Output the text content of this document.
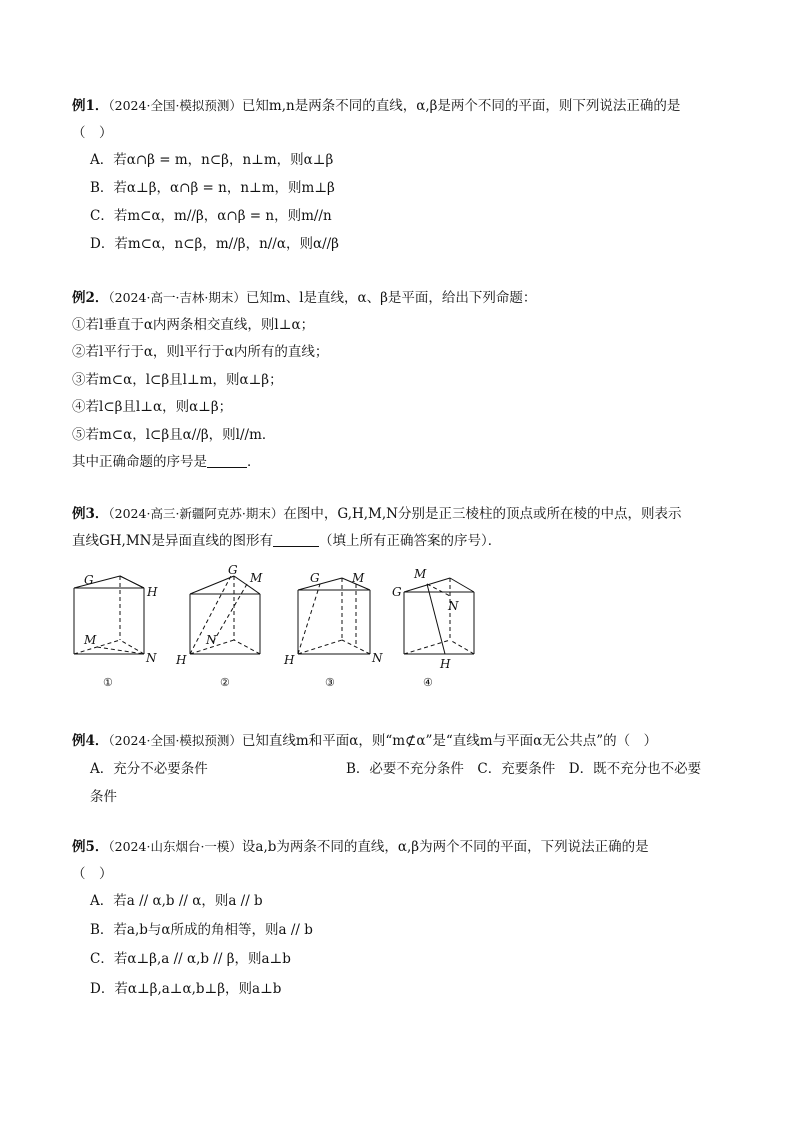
例1．（2024·全国·模拟预测）已知m,n是两条不同的直线，α,β是两个不同的平面，则下列说法正确的是
（　）
A．若α∩β = m，n⊂β，n⊥m，则α⊥β
B．若α⊥β，α∩β = n，n⊥m，则m⊥β
C．若m⊂α，m//β，α∩β = n，则m//n
D．若m⊂α，n⊂β，m//β，n//α，则α//β
例2．（2024·高一·吉林·期末）已知m、l是直线，α、β是平面，给出下列命题：
①若l垂直于α内两条相交直线，则l⊥α；
②若l平行于α，则l平行于α内所有的直线；
③若m⊂α，l⊂β且l⊥m，则α⊥β；
④若l⊂β且l⊥α，则α⊥β；
⑤若m⊂α，l⊂β且α//β，则l//m．
其中正确命题的序号是	．
例3．（2024·高三·新疆阿克苏·期末）在图中，G,H,M,N分别是正三棱柱的顶点或所在棱的中点，则表示
直线GH,MN是异面直线的图形有	（填上所有正确答案的序号）．
G
H
M
N
①
G
M
N
H
②
G	M
H	N
③
M
G
N
H
④
例4．（2024·全国·模拟预测）已知直线m和平面α，则“m⊄α”是“直线m与平面α无公共点”的（　）
A．充分不必要条件	B．必要不充分条件　C．充要条件　D．既不充分也不必要
条件
例5．（2024·山东烟台·一模）设a,b为两条不同的直线，α,β为两个不同的平面，下列说法正确的是
（　）
A．若a // α,b // α，则a // b
B．若a,b与α所成的角相等，则a // b
C．若α⊥β,a // α,b // β，则a⊥b
D．若α⊥β,a⊥α,b⊥β，则a⊥b
